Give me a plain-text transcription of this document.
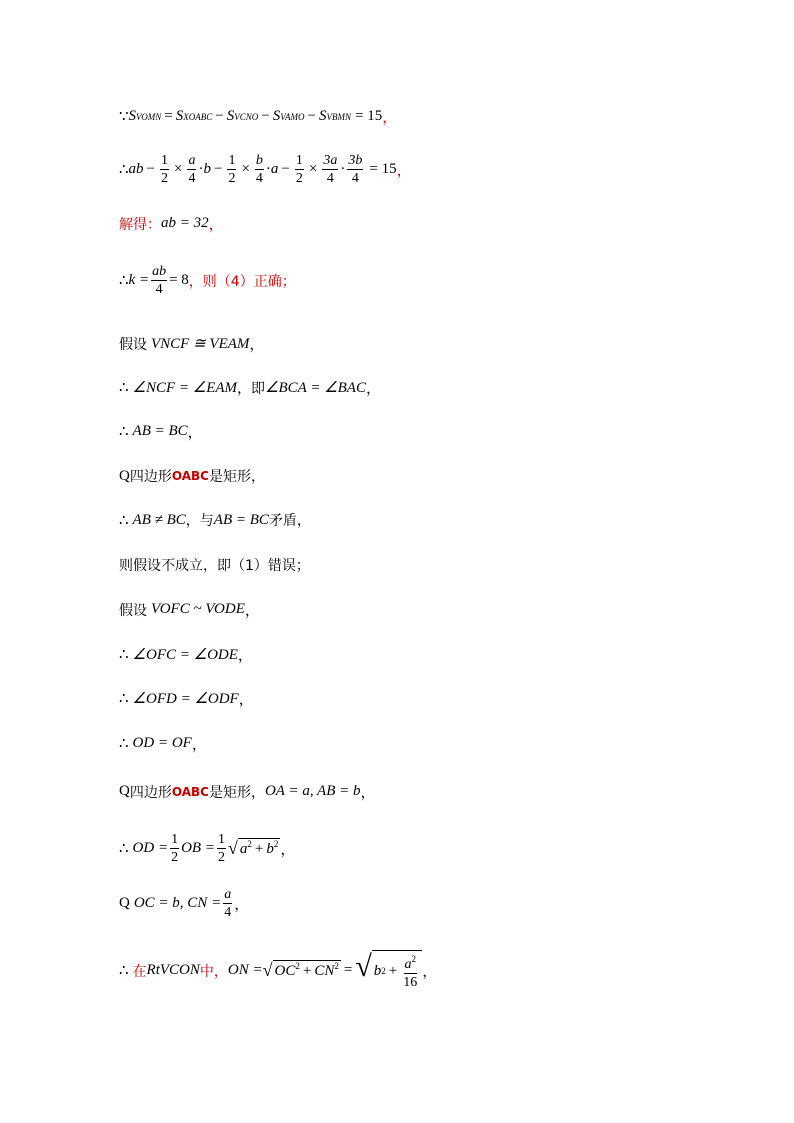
∵ S VOMN = S XOABC − S VCNO − S VAMO − S VBMN = 15 ，
∴ ab − $\frac{1}{2} \times \frac{a}{4} \cdot b - \frac{1}{2} \times \frac{b}{4} \cdot a - \frac{1}{2} \times \frac{3a}{4}$ ·
3b
4
= 15 ，
解得： ab = 32 ，
∴ $k = \frac{ab}{4} = 8$ ，则（4）正确；
假设 VNCF ≅ VEAM ，
∴ ∠NCF = ∠EAM ，即 ∠BCA = ∠BAC ，
∴ AB = BC ，
Q 四边形 OABC 是矩形，
∴ AB ≠ BC ，与 AB = BC 矛盾，
则假设不成立，即（1）错误；
假设 VOFC ~ VODE ，
∴ ∠OFC = ∠ODE ，
∴ ∠OFD = ∠ODF ，
∴ OD = OF ，
Q 四边形 OABC 是矩形， OA = a, AB = b ，
∴ OD = $\frac{1}{2}$ OB = $\frac{1}{2}$ √ $a^2 + b^2$ ，
Q OC = b, CN = $\frac{a}{4}$ ，
∴ 在 Rt VCON 中， ON = √ $OC^2 + CN^2$ = √ b $2 + \frac{a^2}{16}$ ，
